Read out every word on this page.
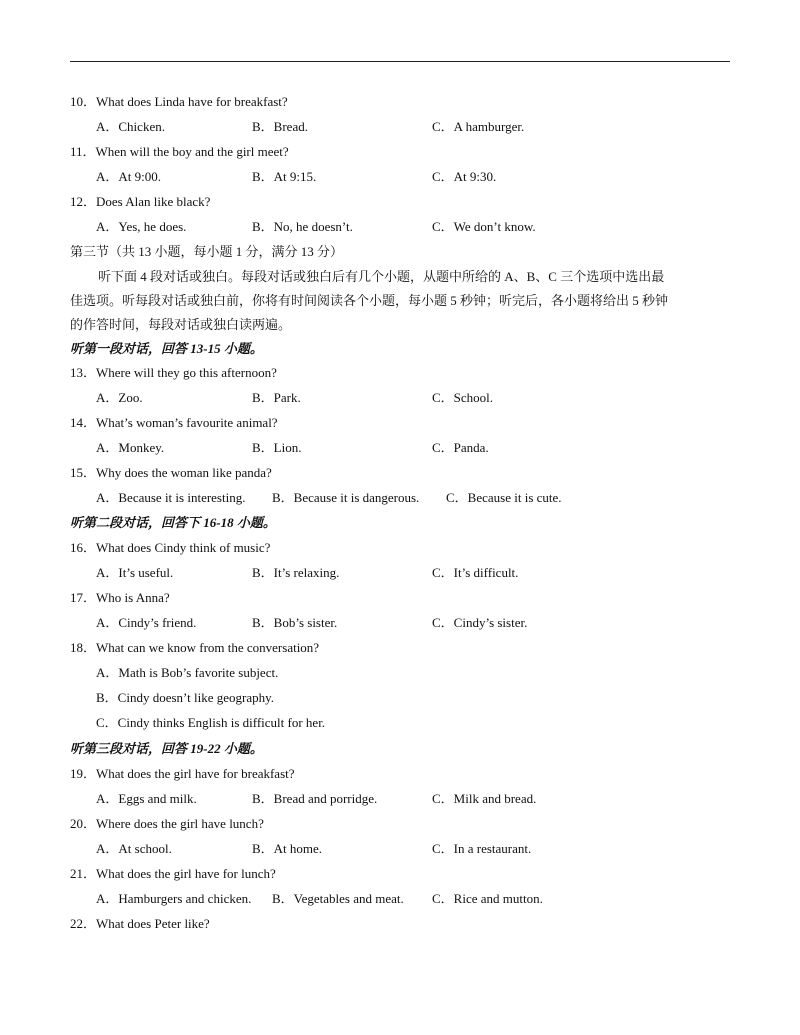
10．What does Linda have for breakfast?
A．Chicken.	B．Bread.	C．A hamburger.
11．When will the boy and the girl meet?
A．At 9:00.	B．At 9:15.	C．At 9:30.
12．Does Alan like black?
A．Yes, he does.	B．No, he doesn’t.	C．We don’t know.
第三节（共 13 小题，每小题 1 分，满分 13 分）
听下面 4 段对话或独白。每段对话或独白后有几个小题，从题中所给的 A、B、C 三个选项中选出最
佳选项。听每段对话或独白前，你将有时间阅读各个小题，每小题 5 秒钟；听完后，各小题将给出 5 秒钟
的作答时间，每段对话或独白读两遍。
听第一段对话，回答 13-15 小题。
13．Where will they go this afternoon?
A．Zoo.	B．Park.	C．School.
14．What’s woman’s favourite animal?
A．Monkey.	B．Lion.	C．Panda.
15．Why does the woman like panda?
A．Because it is interesting. B．Because it is dangerous. C．Because it is cute.
听第二段对话，回答下 16-18 小题。
16．What does Cindy think of music?
A．It’s useful.	B．It’s relaxing.	C．It’s difficult.
17．Who is Anna?
A．Cindy’s friend.	B．Bob’s sister.	C．Cindy’s sister.
18．What can we know from the conversation?
A．Math is Bob’s favorite subject.
B．Cindy doesn’t like geography.
C．Cindy thinks English is difficult for her.
听第三段对话，回答 19-22 小题。
19．What does the girl have for breakfast?
A．Eggs and milk.	B．Bread and porridge.	C．Milk and bread.
20．Where does the girl have lunch?
A．At school.	B．At home.	C．In a restaurant.
21．What does the girl have for lunch?
A．Hamburgers and chicken. B．Vegetables and meat. C．Rice and mutton.
22．What does Peter like?
